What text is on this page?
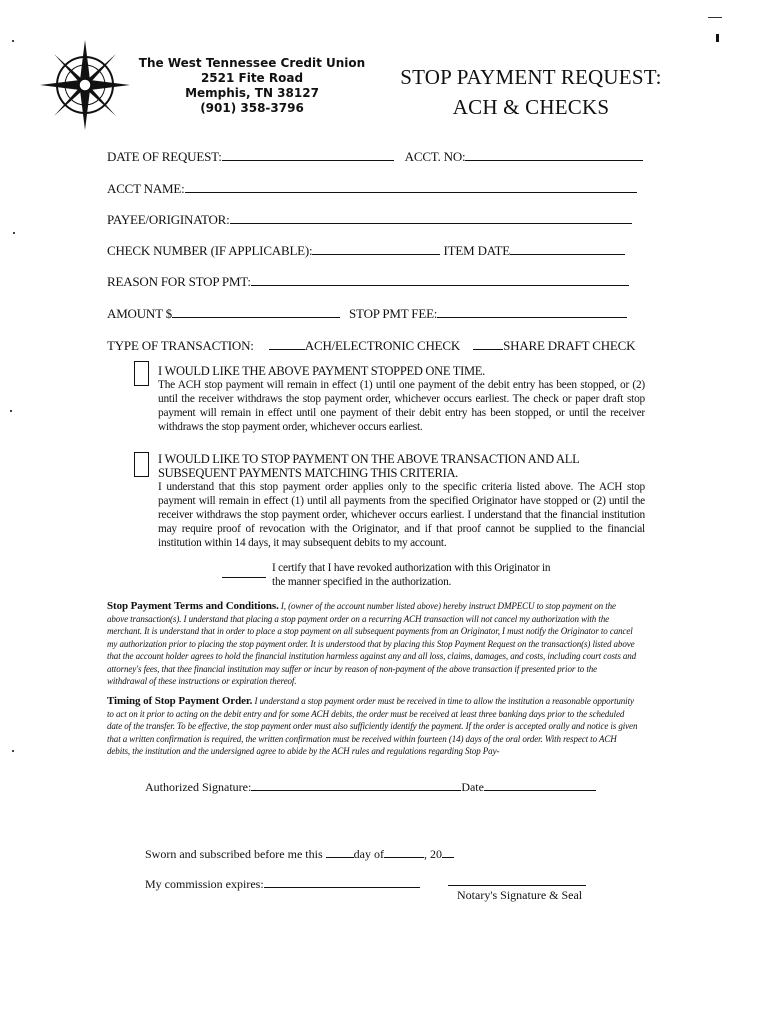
The West Tennessee Credit Union
2521 Fite Road
Memphis, TN 38127
(901) 358-3796
STOP PAYMENT REQUEST:
ACH & CHECKS
DATE OF REQUEST:	ACCT. NO:
ACCT NAME:
PAYEE/ORIGINATOR:
CHECK NUMBER (IF APPLICABLE):	ITEM DATE
REASON FOR STOP PMT:
AMOUNT $	STOP PMT FEE:
TYPE OF TRANSACTION:	ACH/ELECTRONIC CHECK	SHARE DRAFT CHECK
I WOULD LIKE THE ABOVE PAYMENT STOPPED ONE TIME.
The ACH stop payment will remain in effect (1) until one payment of the debit entry has been stopped, or (2) until the receiver withdraws the stop payment order, whichever occurs earliest. The check or paper draft stop payment will remain in effect until one payment of their debit entry has been stopped, or until the receiver withdraws the stop payment order, whichever occurs earliest.
I WOULD LIKE TO STOP PAYMENT ON THE ABOVE TRANSACTION AND ALL SUBSEQUENT PAYMENTS MATCHING THIS CRITERIA.
I understand that this stop payment order applies only to the specific criteria listed above. The ACH stop payment will remain in effect (1) until all payments from the specified Originator have stopped or (2) until the receiver withdraws the stop payment order, whichever occurs earliest. I understand that the financial institution may require proof of revocation with the Originator, and if that proof cannot be supplied to the financial institution within 14 days, it may subsequent debits to my account.
I certify that I have revoked authorization with this Originator in
the manner specified in the authorization.
Stop Payment Terms and Conditions. I, (owner of the account number listed above) hereby instruct DMPECU to stop payment on the above transaction(s). I understand that placing a stop payment order on a recurring ACH transaction will not cancel my authorization with the merchant. It is understand that in order to place a stop payment on all subsequent payments from an Originator, I must notify the Originator to cancel my authorization prior to placing the stop payment order. It is understood that by placing this Stop Payment Request on the transaction(s) listed above that the account holder agrees to hold the financial institution harmless against any and all loss, claims, damages, and costs, including court costs and attorney's fees, that thee financial institution may suffer or incur by reason of non-payment of the above transaction if presented prior to the withdrawal of these instructions or expiration thereof.
Timing of Stop Payment Order. I understand a stop payment order must be received in time to allow the institution a reasonable opportunity to act on it prior to acting on the debit entry and for some ACH debits, the order must be received at least three banking days prior to the scheduled date of the transfer. To be effective, the stop payment order must also sufficiently identify the payment. If the order is accepted orally and notice is given that a written confirmation is required, the written confirmation must be received within fourteen (14) days of the oral order. With respect to ACH debits, the institution and the undersigned agree to abide by the ACH rules and regulations regarding Stop Pay-
Authorized Signature:	Date
Sworn and subscribed before me this	day of	, 20
My commission expires:
Notary's Signature & Seal
